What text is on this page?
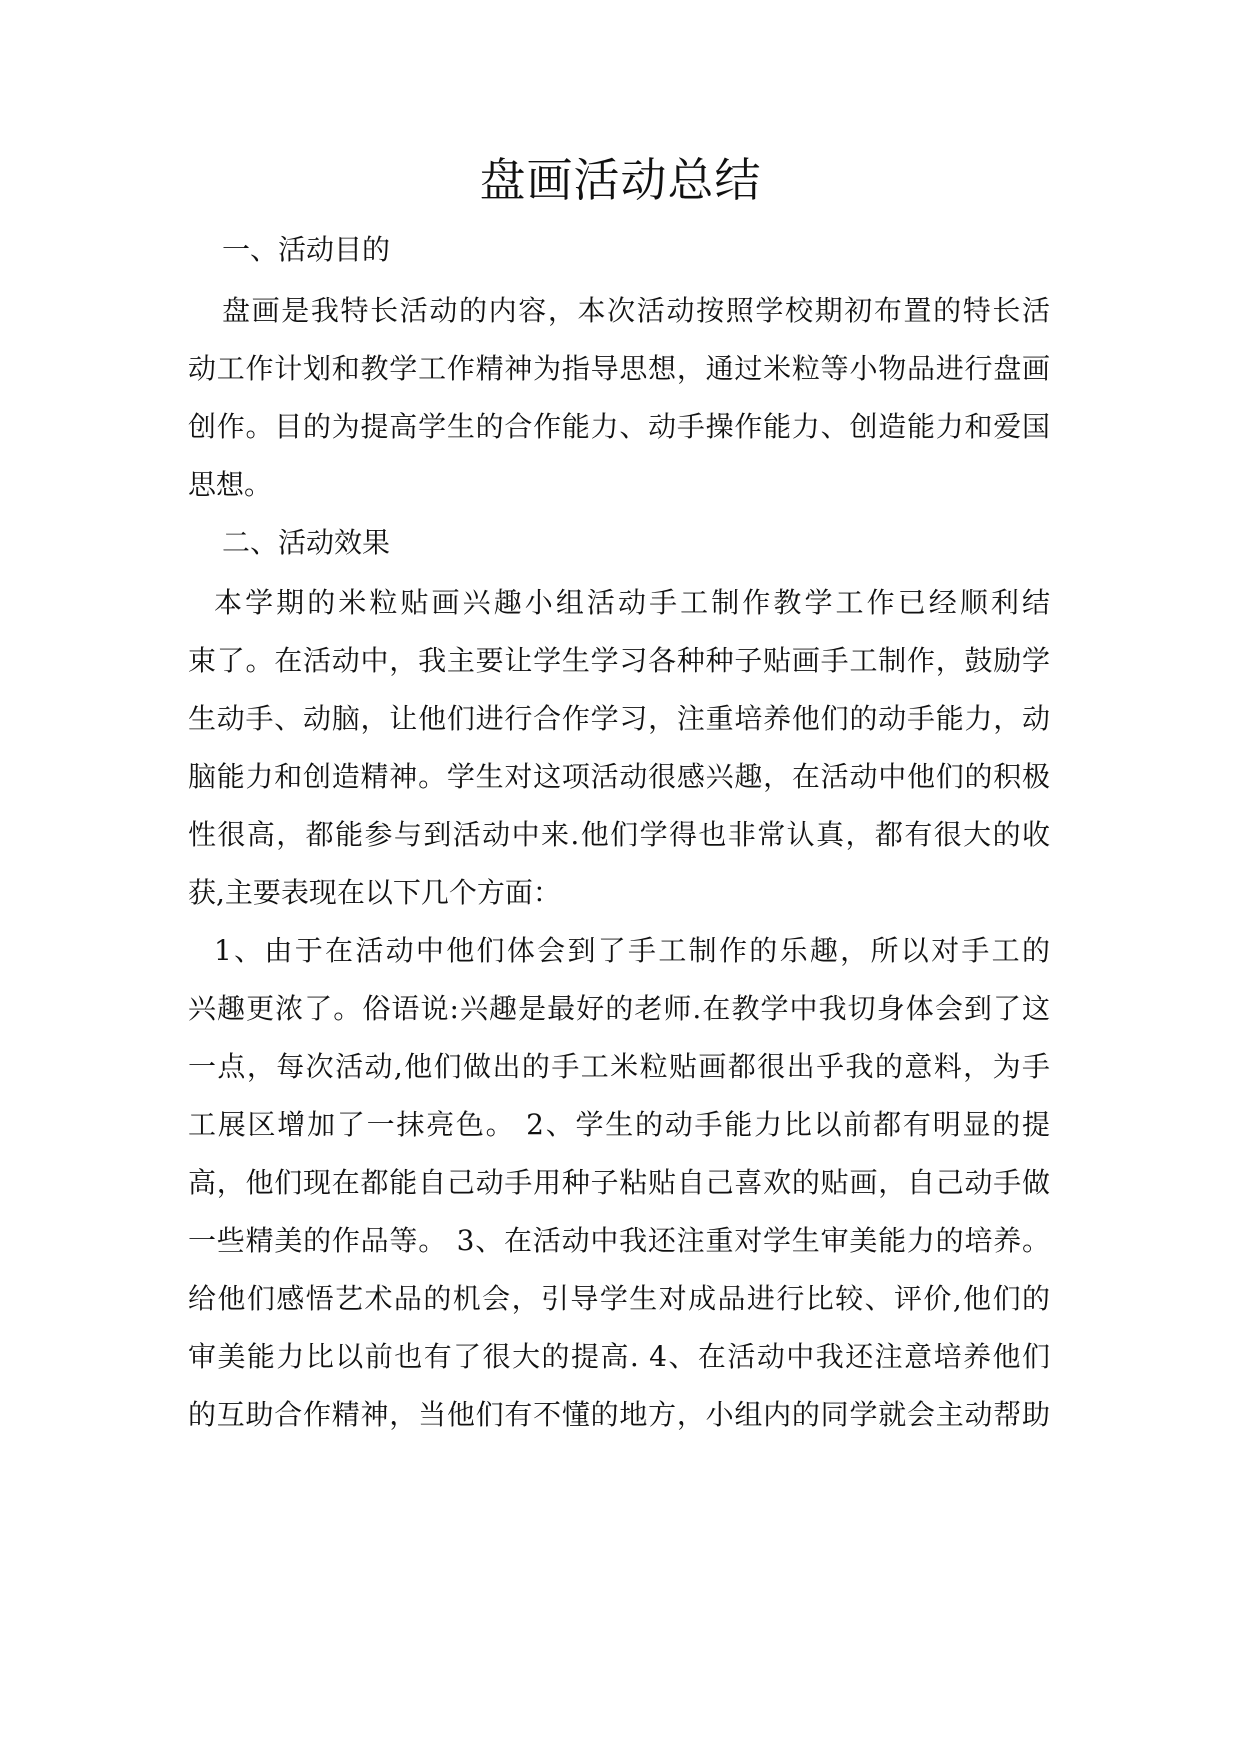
盘画活动总结
一、活动目的
盘画是我特长活动的内容，本次活动按照学校期初布置的特长活
动工作计划和教学工作精神为指导思想，通过米粒等小物品进行盘画
创作。目的为提高学生的合作能力、动手操作能力、创造能力和爱国
思想。
二、活动效果
本学期的米粒贴画兴趣小组活动手工制作教学工作已经顺利结
束了。在活动中，我主要让学生学习各种种子贴画手工制作，鼓励学
生动手、动脑，让他们进行合作学习，注重培养他们的动手能力，动
脑能力和创造精神。学生对这项活动很感兴趣，在活动中他们的积极
性很高，都能参与到活动中来.他们学得也非常认真，都有很大的收
获,主要表现在以下几个方面：
1、由于在活动中他们体会到了手工制作的乐趣，所以对手工的
兴趣更浓了。俗语说:兴趣是最好的老师.在教学中我切身体会到了这
一点，每次活动,他们做出的手工米粒贴画都很出乎我的意料，为手
工展区增加了一抹亮色。 2、学生的动手能力比以前都有明显的提
高，他们现在都能自己动手用种子粘贴自己喜欢的贴画，自己动手做
一些精美的作品等。 3、在活动中我还注重对学生审美能力的培养。
给他们感悟艺术品的机会，引导学生对成品进行比较、评价,他们的
审美能力比以前也有了很大的提高. 4、在活动中我还注意培养他们
的互助合作精神，当他们有不懂的地方，小组内的同学就会主动帮助
